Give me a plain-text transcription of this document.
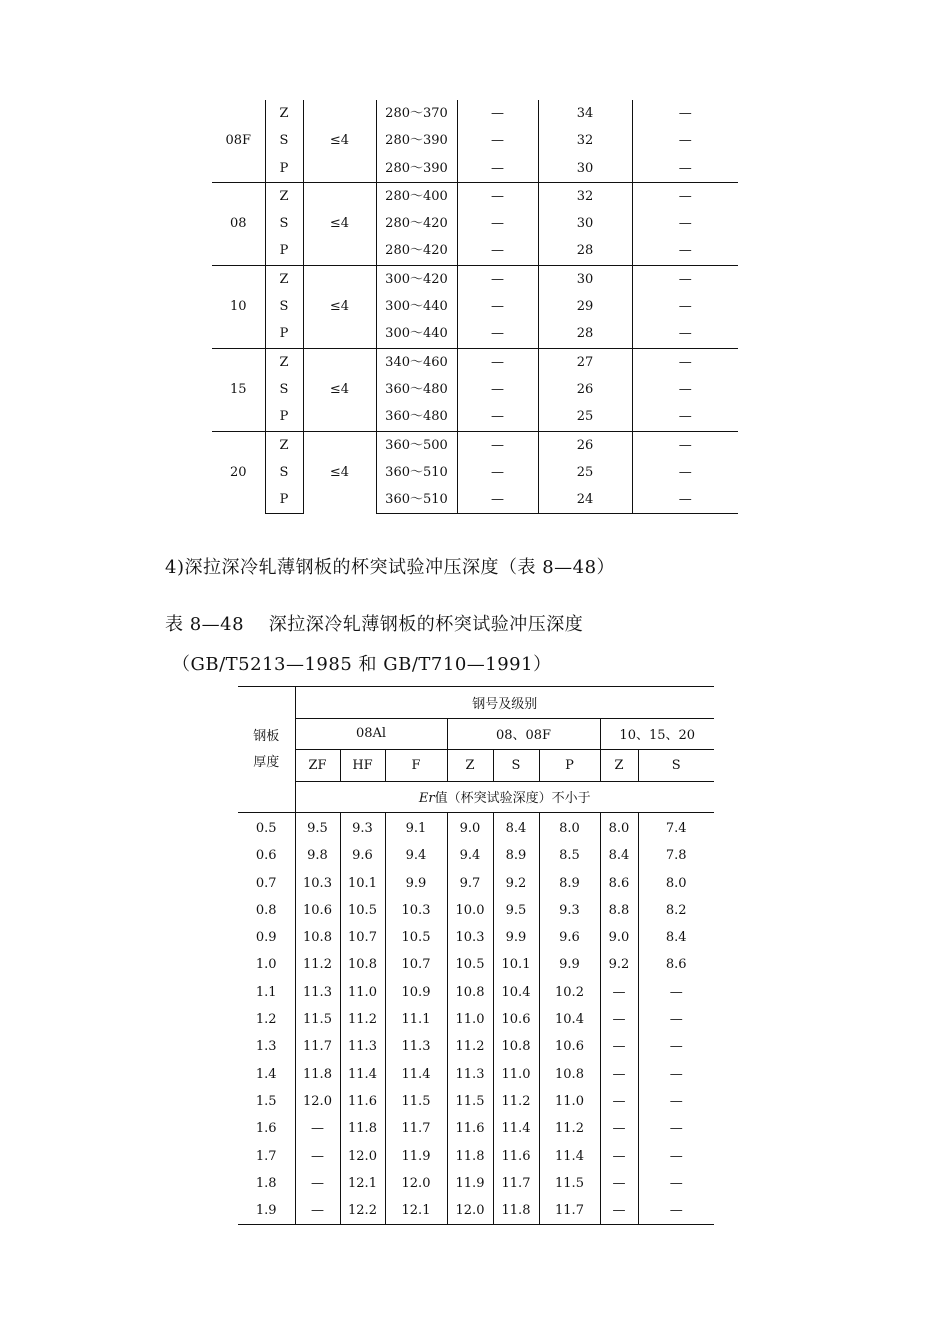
08F	Z	≤4	280～370	—	34	—
	S		280～390	—	32	—
	P		280～390	—	30	—
08	Z	≤4	280～400	—	32	—
	S		280～420	—	30	—
	P		280～420	—	28	—
10	Z	≤4	300～420	—	30	—
	S		300～440	—	29	—
	P		300～440	—	28	—
15	Z	≤4	340～460	—	27	—
	S		360～480	—	26	—
	P		360～480	—	25	—
20	Z	≤4	360～500	—	26	—
	S		360～510	—	25	—
	P		360～510	—	24	—
4)深拉深冷轧薄钢板的杯突试验冲压深度（表 8—48）
表 8—48　 深拉深冷轧薄钢板的杯突试验冲压深度
（GB/T5213—1985 和 GB/T710—1991）
钢板
厚度	钢号及级别							
	08Al			08、08F			10、15、20	
	ZF	HF	F	Z	S	P	Z	S
	Er值（杯突试验深度）不小于							
0.5	9.5	9.3	9.1	9.0	8.4	8.0	8.0	7.4
0.6	9.8	9.6	9.4	9.4	8.9	8.5	8.4	7.8
0.7	10.3	10.1	9.9	9.7	9.2	8.9	8.6	8.0
0.8	10.6	10.5	10.3	10.0	9.5	9.3	8.8	8.2
0.9	10.8	10.7	10.5	10.3	9.9	9.6	9.0	8.4
1.0	11.2	10.8	10.7	10.5	10.1	9.9	9.2	8.6
1.1	11.3	11.0	10.9	10.8	10.4	10.2	—	—
1.2	11.5	11.2	11.1	11.0	10.6	10.4	—	—
1.3	11.7	11.3	11.3	11.2	10.8	10.6	—	—
1.4	11.8	11.4	11.4	11.3	11.0	10.8	—	—
1.5	12.0	11.6	11.5	11.5	11.2	11.0	—	—
1.6	—	11.8	11.7	11.6	11.4	11.2	—	—
1.7	—	12.0	11.9	11.8	11.6	11.4	—	—
1.8	—	12.1	12.0	11.9	11.7	11.5	—	—
1.9	—	12.2	12.1	12.0	11.8	11.7	—	—
